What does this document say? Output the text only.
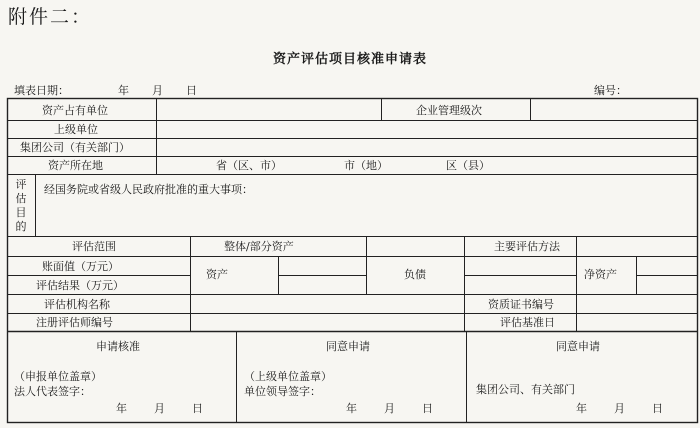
附件二：
资产评估项目核准申请表
填表日期：	年 月 日	编号：
资产占有单位	企业管理级次
上级单位
集团公司（有关部门）
资产所在地	省（区、市）	市（地）	区（县）
评估目的
经国务院或省级人民政府批准的重大事项：
评估范围	整体/部分资产	主要评估方法
账面值（万元）
评估结果（万元）
资产	负债	净资产
评估机构名称	资质证书编号
注册评估师编号	评估基准日
申请核准
（申报单位盖章）
法人代表签字：
年 月 日
同意申请
（上级单位盖章）
单位领导签字：
年 月 日
同意申请
集团公司、有关部门
年 月 日
